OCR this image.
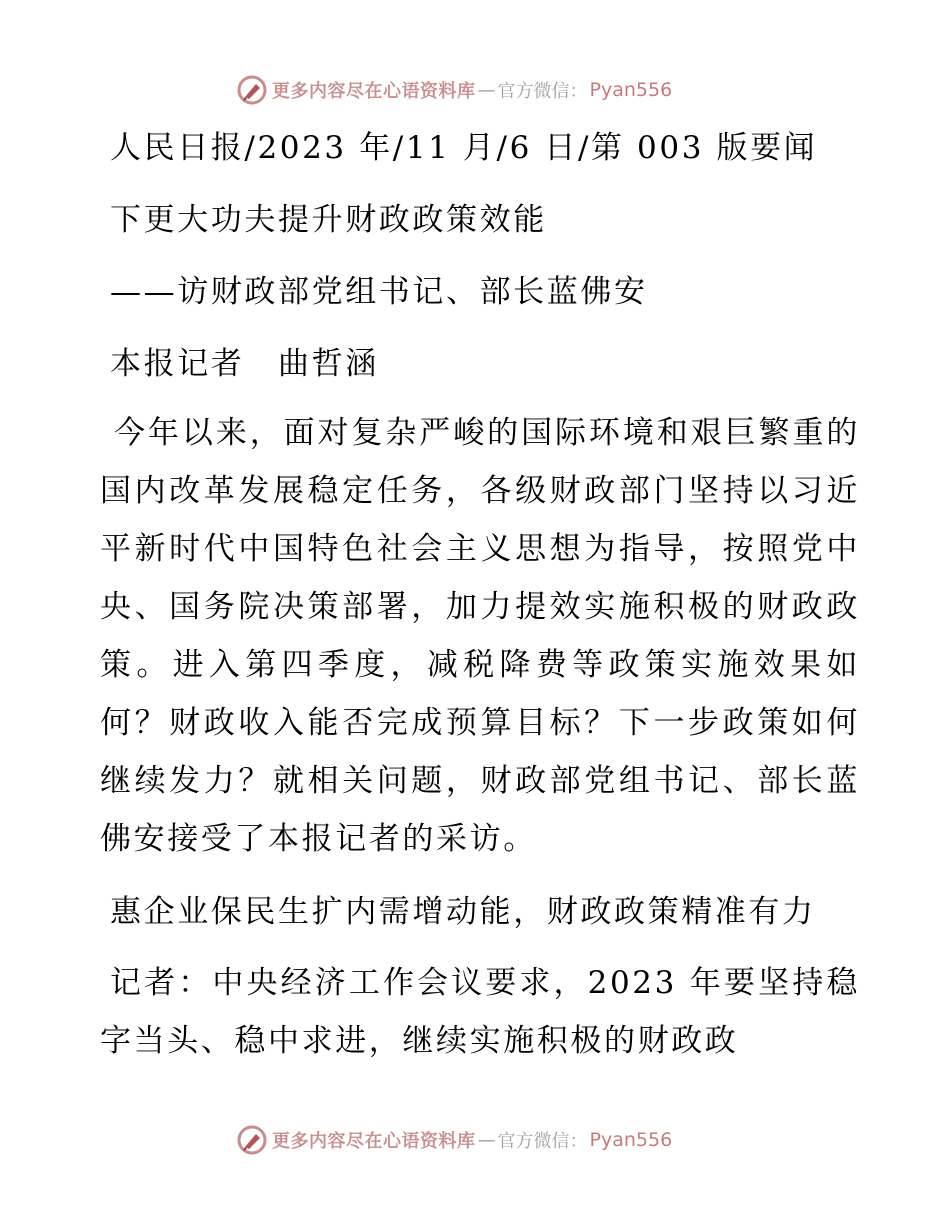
更多内容尽在心语资料库 — 官方微信： Pyan556

人民日报/2023 年/11 月/6 日/第 003 版要闻

下更大功夫提升财政政策效能

——访财政部党组书记、部长蓝佛安

本报记者　曲哲涵

今年以来，面对复杂严峻的国际环境和艰巨繁重的国内改革发展稳定任务，各级财政部门坚持以习近平新时代中国特色社会主义思想为指导，按照党中央、国务院决策部署，加力提效实施积极的财政政策。进入第四季度，减税降费等政策实施效果如何？财政收入能否完成预算目标？下一步政策如何继续发力？就相关问题，财政部党组书记、部长蓝佛安接受了本报记者的采访。

惠企业保民生扩内需增动能，财政政策精准有力

记者：中央经济工作会议要求，2023 年要坚持稳字当头、稳中求进，继续实施积极的财政政

更多内容尽在心语资料库 — 官方微信： Pyan556
